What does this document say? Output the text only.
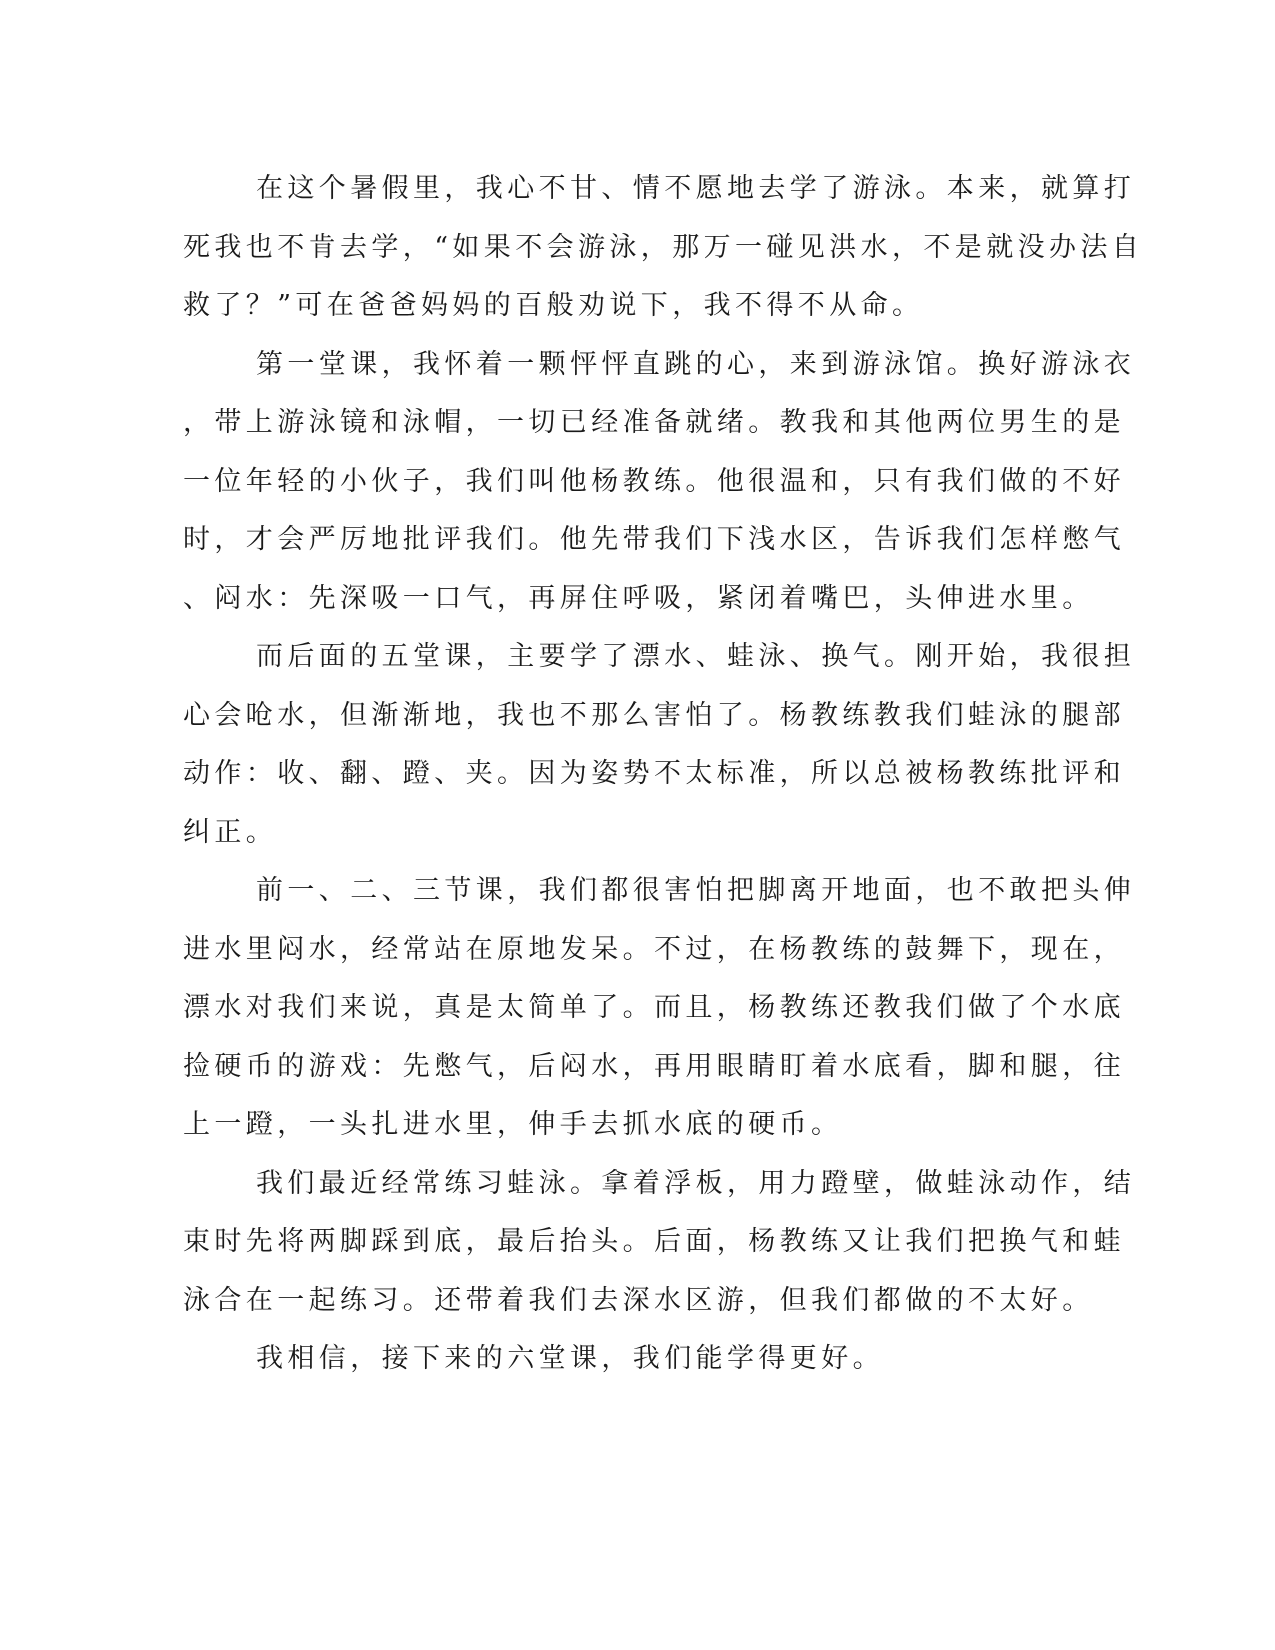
在这个暑假里，我心不甘、情不愿地去学了游泳。本来，就算打
死我也不肯去学，“如果不会游泳，那万一碰见洪水，不是就没办法自
救了？”可在爸爸妈妈的百般劝说下，我不得不从命。

第一堂课，我怀着一颗怦怦直跳的心，来到游泳馆。换好游泳衣
，带上游泳镜和泳帽，一切已经准备就绪。教我和其他两位男生的是
一位年轻的小伙子，我们叫他杨教练。他很温和，只有我们做的不好
时，才会严厉地批评我们。他先带我们下浅水区，告诉我们怎样憋气
、闷水：先深吸一口气，再屏住呼吸，紧闭着嘴巴，头伸进水里。

而后面的五堂课，主要学了漂水、蛙泳、换气。刚开始，我很担
心会呛水，但渐渐地，我也不那么害怕了。杨教练教我们蛙泳的腿部
动作：收、翻、蹬、夹。因为姿势不太标准，所以总被杨教练批评和
纠正。

前一、二、三节课，我们都很害怕把脚离开地面，也不敢把头伸
进水里闷水，经常站在原地发呆。不过，在杨教练的鼓舞下，现在，
漂水对我们来说，真是太简单了。而且，杨教练还教我们做了个水底
捡硬币的游戏：先憋气，后闷水，再用眼睛盯着水底看，脚和腿，往
上一蹬，一头扎进水里，伸手去抓水底的硬币。

我们最近经常练习蛙泳。拿着浮板，用力蹬壁，做蛙泳动作，结
束时先将两脚踩到底，最后抬头。后面，杨教练又让我们把换气和蛙
泳合在一起练习。还带着我们去深水区游，但我们都做的不太好。

我相信，接下来的六堂课，我们能学得更好。
